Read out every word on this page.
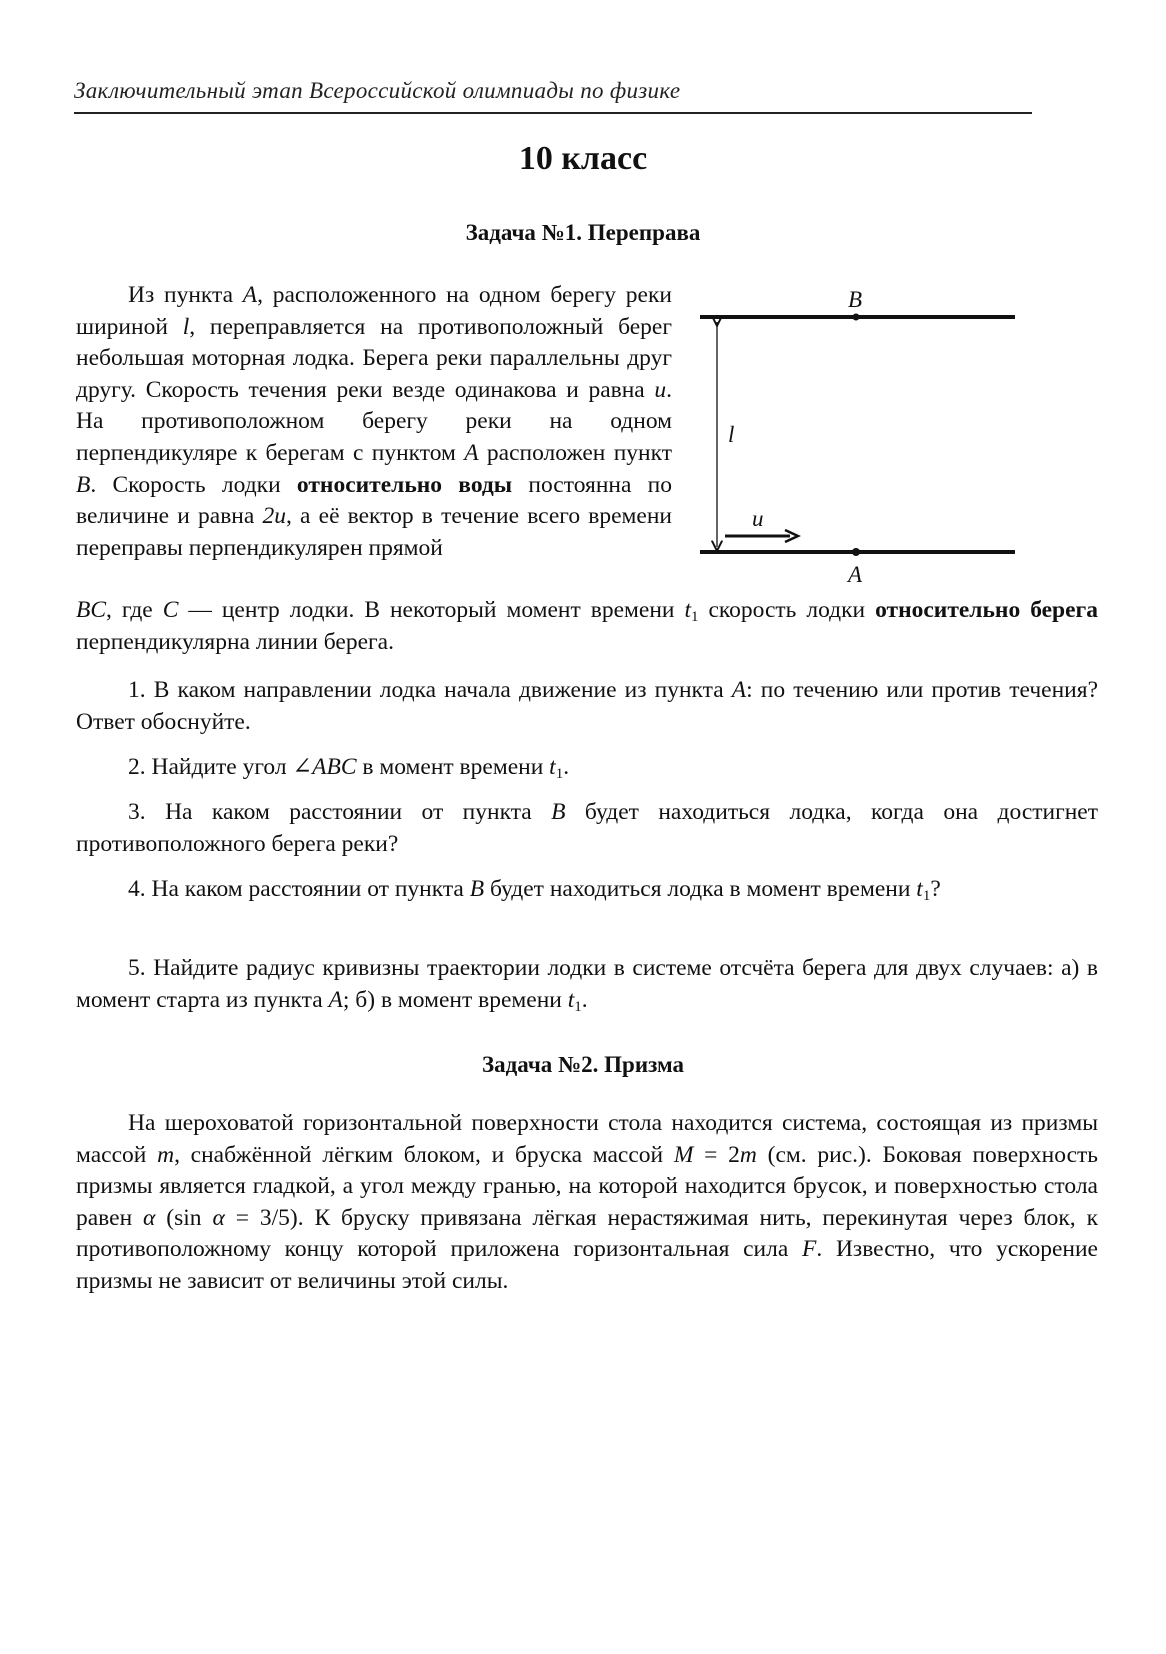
Заключительный этап Всероссийской олимпиады по физике
10 класс
Задача №1. Переправа
Из пункта A, расположенного на одном берегу реки шириной l, переправляется на противоположный берег небольшая моторная лодка. Берега реки параллельны друг другу. Скорость течения реки везде одинакова и равна u. На противоположном берегу реки на одном перпендикуляре к берегам с пунктом A расположен пункт B. Скорость лодки относительно воды постоянна по величине и равна 2u, а её вектор в течение всего времени переправы перпендикулярен прямой
BC, где C — центр лодки. В некоторый момент времени $t_1$ скорость лодки относительно берега перпендикулярна линии берега.
B
A
l
u
1. В каком направлении лодка начала движение из пункта A: по течению или против течения? Ответ обоснуйте.
2. Найдите угол ∠ABC в момент времени $t_1$.
3. На каком расстоянии от пункта B будет находиться лодка, когда она достигнет противоположного берега реки?
4. На каком расстоянии от пункта B будет находиться лодка в момент времени $t_1$?
5. Найдите радиус кривизны траектории лодки в системе отсчёта берега для двух случаев: а) в момент старта из пункта A; б) в момент времени $t_1$.
Задача №2. Призма
На шероховатой горизонтальной поверхности стола находится система, состоящая из призмы массой m, снабжённой лёгким блоком, и бруска массой M = 2m (см. рис.). Боковая поверхность призмы является гладкой, а угол между гранью, на которой находится брусок, и поверхностью стола равен α (sin α = 3/5). К бруску привязана лёгкая нерастяжимая нить, перекинутая через блок, к противоположному концу которой приложена горизонтальная сила F. Известно, что ускорение призмы не зависит от величины этой силы.
